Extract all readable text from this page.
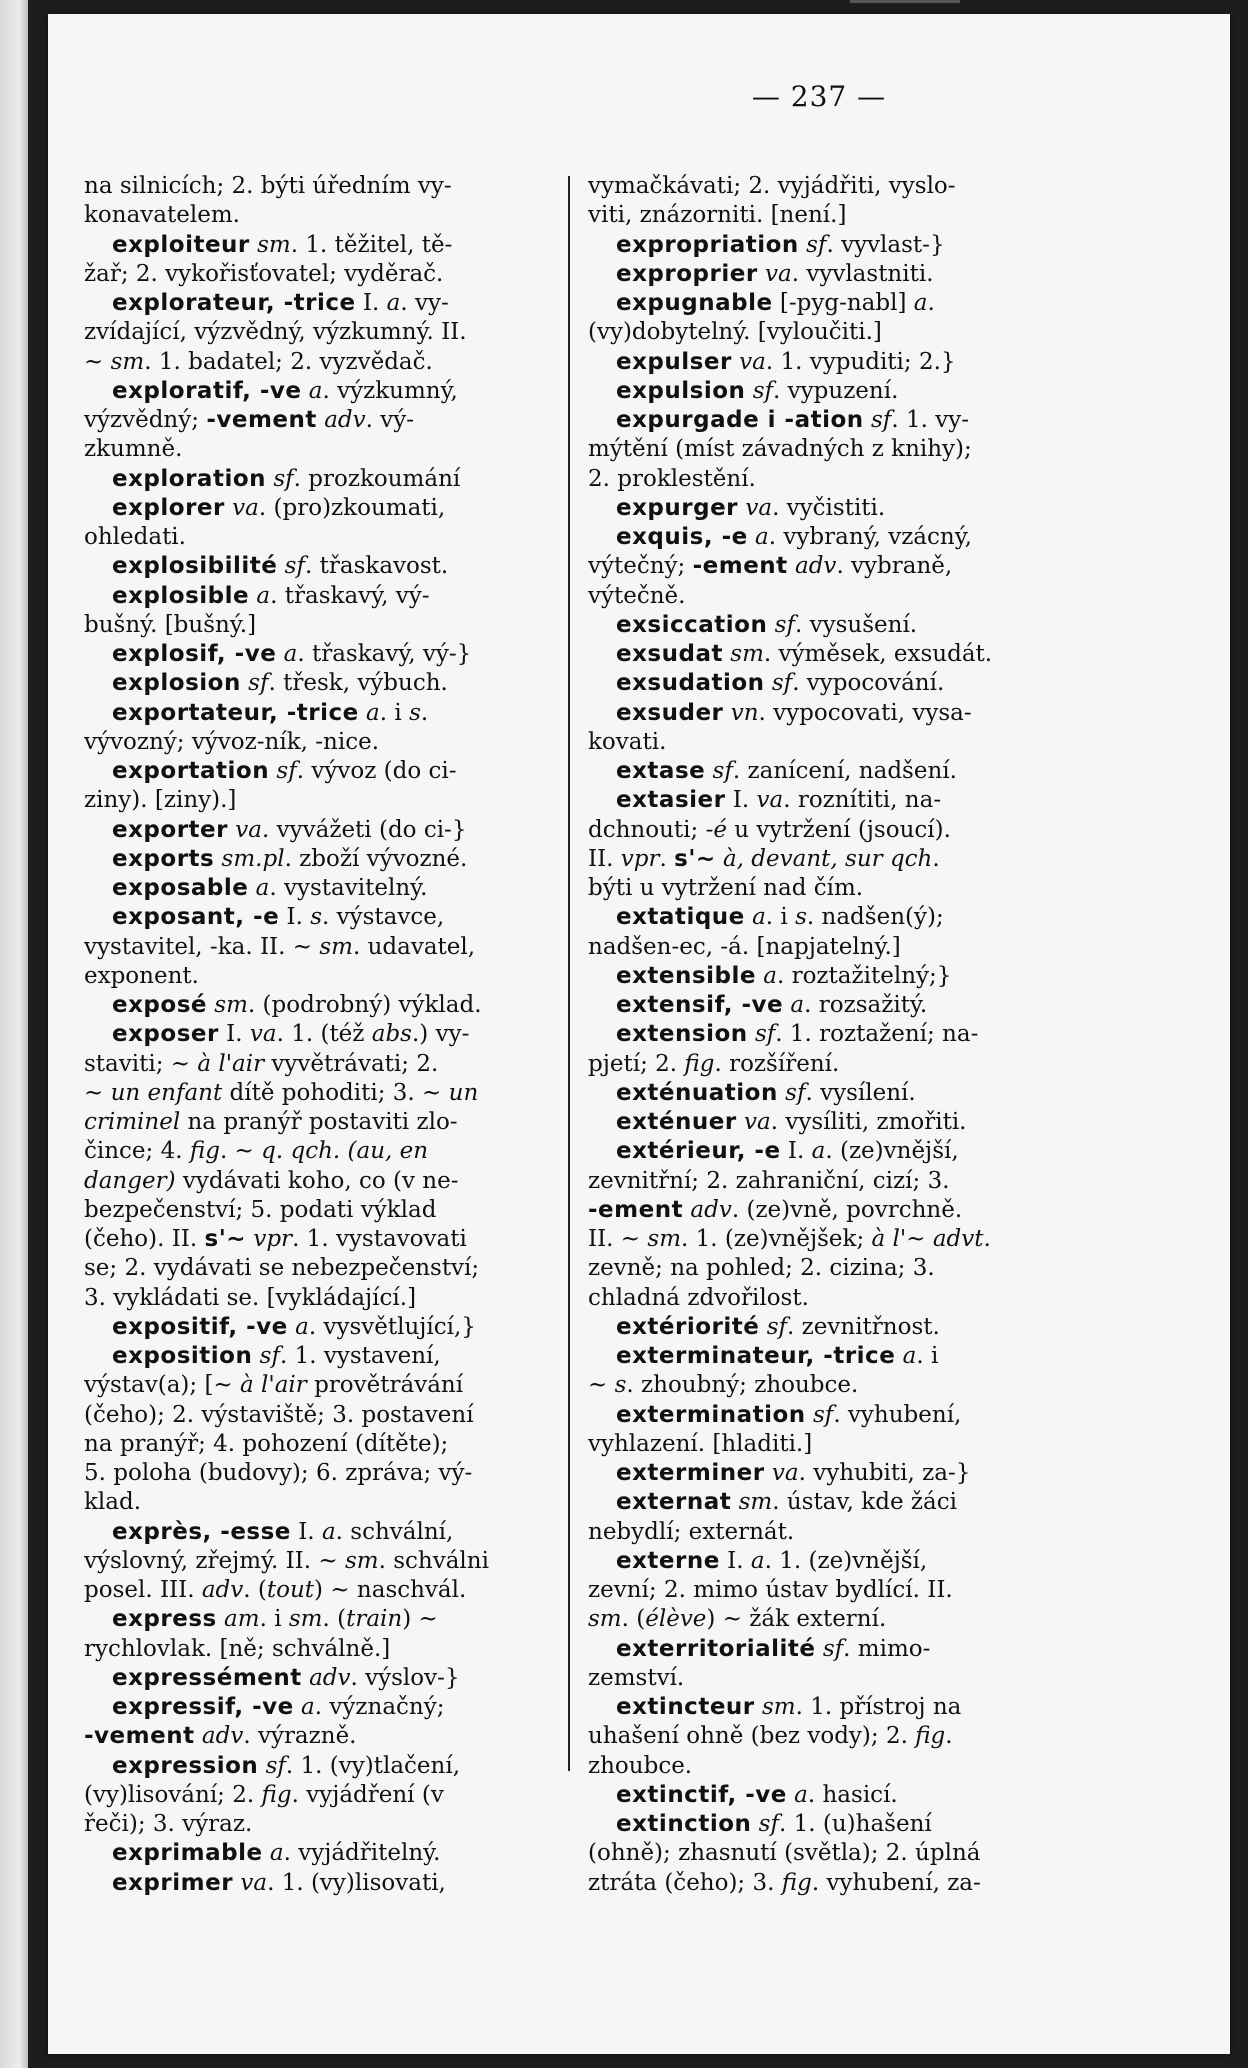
— 237 —
na silnicích; 2. býti úředním vy-
konavatelem.
exploiteur sm. 1. těžitel, tě-
žař; 2. vykořisťovatel; vyděrač.
explorateur, -trice I. a. vy-
zvídající, výzvědný, výzkumný. II.
~ sm. 1. badatel; 2. vyzvědač.
exploratif, -ve a. výzkumný,
výzvědný; -vement adv. vý-
zkumně.
exploration sf. prozkoumání
explorer va. (pro)zkoumati,
ohledati.
explosibilité sf. třaskavost.
explosible a. třaskavý, vý-
bušný. [bušný.]
explosif, -ve a. třaskavý, vý-}
explosion sf. třesk, výbuch.
exportateur, -trice a. i s.
vývozný; vývoz-ník, -nice.
exportation sf. vývoz (do ci-
ziny). [ziny).]
exporter va. vyvážeti (do ci-}
exports sm.pl. zboží vývozné.
exposable a. vystavitelný.
exposant, -e I. s. výstavce,
vystavitel, -ka. II. ~ sm. udavatel,
exponent.
exposé sm. (podrobný) výklad.
exposer I. va. 1. (též abs.) vy-
staviti; ~ à l'air vyvětrávati; 2.
~ un enfant dítě pohoditi; 3. ~ un
criminel na pranýř postaviti zlo-
čince; 4. fig. ~ q. qch. (au, en
danger) vydávati koho, co (v ne-
bezpečenství; 5. podati výklad
(čeho). II. s'~ vpr. 1. vystavovati
se; 2. vydávati se nebezpečenství;
3. vykládati se. [vykládající.]
expositif, -ve a. vysvětlující,}
exposition sf. 1. vystavení,
výstav(a); [~ à l'air provětrávání
(čeho); 2. výstaviště; 3. postavení
na pranýř; 4. pohození (dítěte);
5. poloha (budovy); 6. zpráva; vý-
klad.
exprès, -esse I. a. schvální,
výslovný, zřejmý. II. ~ sm. schválni
posel. III. adv. (tout) ~ naschvál.
express am. i sm. (train) ~
rychlovlak. [ně; schválně.]
expressément adv. výslov-}
expressif, -ve a. význačný;
-vement adv. výrazně.
expression sf. 1. (vy)tlačení,
(vy)lisování; 2. fig. vyjádření (v
řeči); 3. výraz.
exprimable a. vyjádřitelný.
exprimer va. 1. (vy)lisovati,
vymačkávati; 2. vyjádřiti, vyslo-
viti, znázorniti. [není.]
expropriation sf. vyvlast-}
exproprier va. vyvlastniti.
expugnable [-pyg-nabl] a.
(vy)dobytelný. [vyloučiti.]
expulser va. 1. vypuditi; 2.}
expulsion sf. vypuzení.
expurgade i -ation sf. 1. vy-
mýtění (míst závadných z knihy);
2. proklestění.
expurger va. vyčistiti.
exquis, -e a. vybraný, vzácný,
výtečný; -ement adv. vybraně,
výtečně.
exsiccation sf. vysušení.
exsudat sm. výměsek, exsudát.
exsudation sf. vypocování.
exsuder vn. vypocovati, vysa-
kovati.
extase sf. zanícení, nadšení.
extasier I. va. roznítiti, na-
dchnouti; -é u vytržení (jsoucí).
II. vpr. s'~ à, devant, sur qch.
býti u vytržení nad čím.
extatique a. i s. nadšen(ý);
nadšen-ec, -á. [napjatelný.]
extensible a. roztažitelný;}
extensif, -ve a. rozsažitý.
extension sf. 1. roztažení; na-
pjetí; 2. fig. rozšíření.
exténuation sf. vysílení.
exténuer va. vysíliti, zmořiti.
extérieur, -e I. a. (ze)vnější,
zevnitřní; 2. zahraniční, cizí; 3.
-ement adv. (ze)vně, povrchně.
II. ~ sm. 1. (ze)vnějšek; à l'~ advt.
zevně; na pohled; 2. cizina; 3.
chladná zdvořilost.
extériorité sf. zevnitřnost.
exterminateur, -trice a. i
~ s. zhoubný; zhoubce.
extermination sf. vyhubení,
vyhlazení. [hladiti.]
exterminer va. vyhubiti, za-}
externat sm. ústav, kde žáci
nebydlí; externát.
externe I. a. 1. (ze)vnější,
zevní; 2. mimo ústav bydlící. II.
sm. (élève) ~ žák externí.
exterritorialité sf. mimo-
zemství.
extincteur sm. 1. přístroj na
uhašení ohně (bez vody); 2. fig.
zhoubce.
extinctif, -ve a. hasicí.
extinction sf. 1. (u)hašení
(ohně); zhasnutí (světla); 2. úplná
ztráta (čeho); 3. fig. vyhubení, za-
